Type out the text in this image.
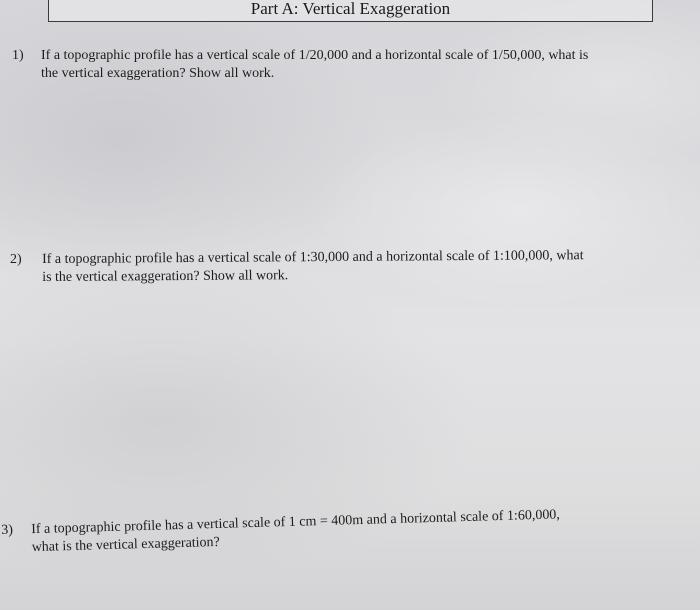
Part A: Vertical Exaggeration
1) If a topographic profile has a vertical scale of 1/20,000 and a horizontal scale of 1/50,000, what is
the vertical exaggeration? Show all work.
2) If a topographic profile has a vertical scale of 1:30,000 and a horizontal scale of 1:100,000, what
is the vertical exaggeration? Show all work.
3) If a topographic profile has a vertical scale of 1 cm = 400m and a horizontal scale of 1:60,000,
what is the vertical exaggeration?
